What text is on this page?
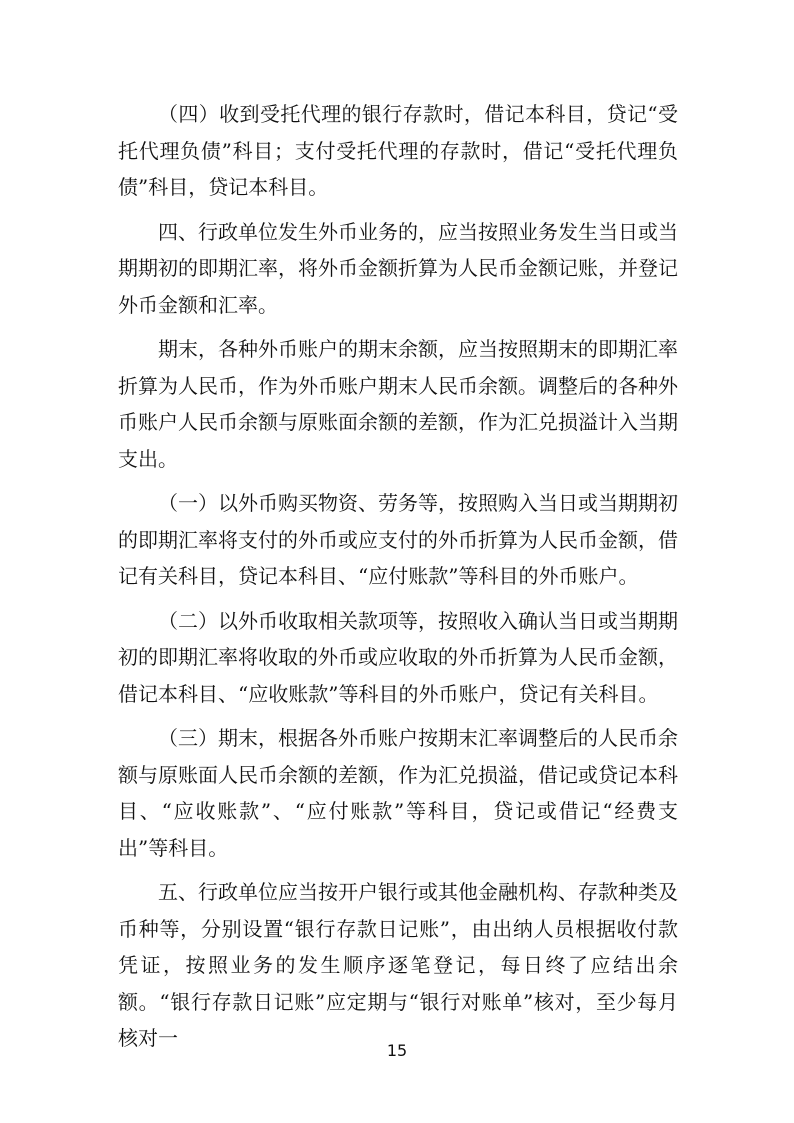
（四）收到受托代理的银行存款时，借记本科目，贷记“受托代理负债”科目；支付受托代理的存款时，借记“受托代理负债”科目，贷记本科目。

四、行政单位发生外币业务的，应当按照业务发生当日或当期期初的即期汇率，将外币金额折算为人民币金额记账，并登记外币金额和汇率。

期末，各种外币账户的期末余额，应当按照期末的即期汇率折算为人民币，作为外币账户期末人民币余额。调整后的各种外币账户人民币余额与原账面余额的差额，作为汇兑损溢计入当期支出。

（一）以外币购买物资、劳务等，按照购入当日或当期期初的即期汇率将支付的外币或应支付的外币折算为人民币金额，借记有关科目，贷记本科目、“应付账款”等科目的外币账户。

（二）以外币收取相关款项等，按照收入确认当日或当期期初的即期汇率将收取的外币或应收取的外币折算为人民币金额，借记本科目、“应收账款”等科目的外币账户，贷记有关科目。

（三）期末，根据各外币账户按期末汇率调整后的人民币余额与原账面人民币余额的差额，作为汇兑损溢，借记或贷记本科目、“应收账款”、“应付账款”等科目，贷记或借记“经费支出”等科目。

五、行政单位应当按开户银行或其他金融机构、存款种类及币种等，分别设置“银行存款日记账”，由出纳人员根据收付款凭证，按照业务的发生顺序逐笔登记，每日终了应结出余额。“银行存款日记账”应定期与“银行对账单”核对，至少每月核对一

15
